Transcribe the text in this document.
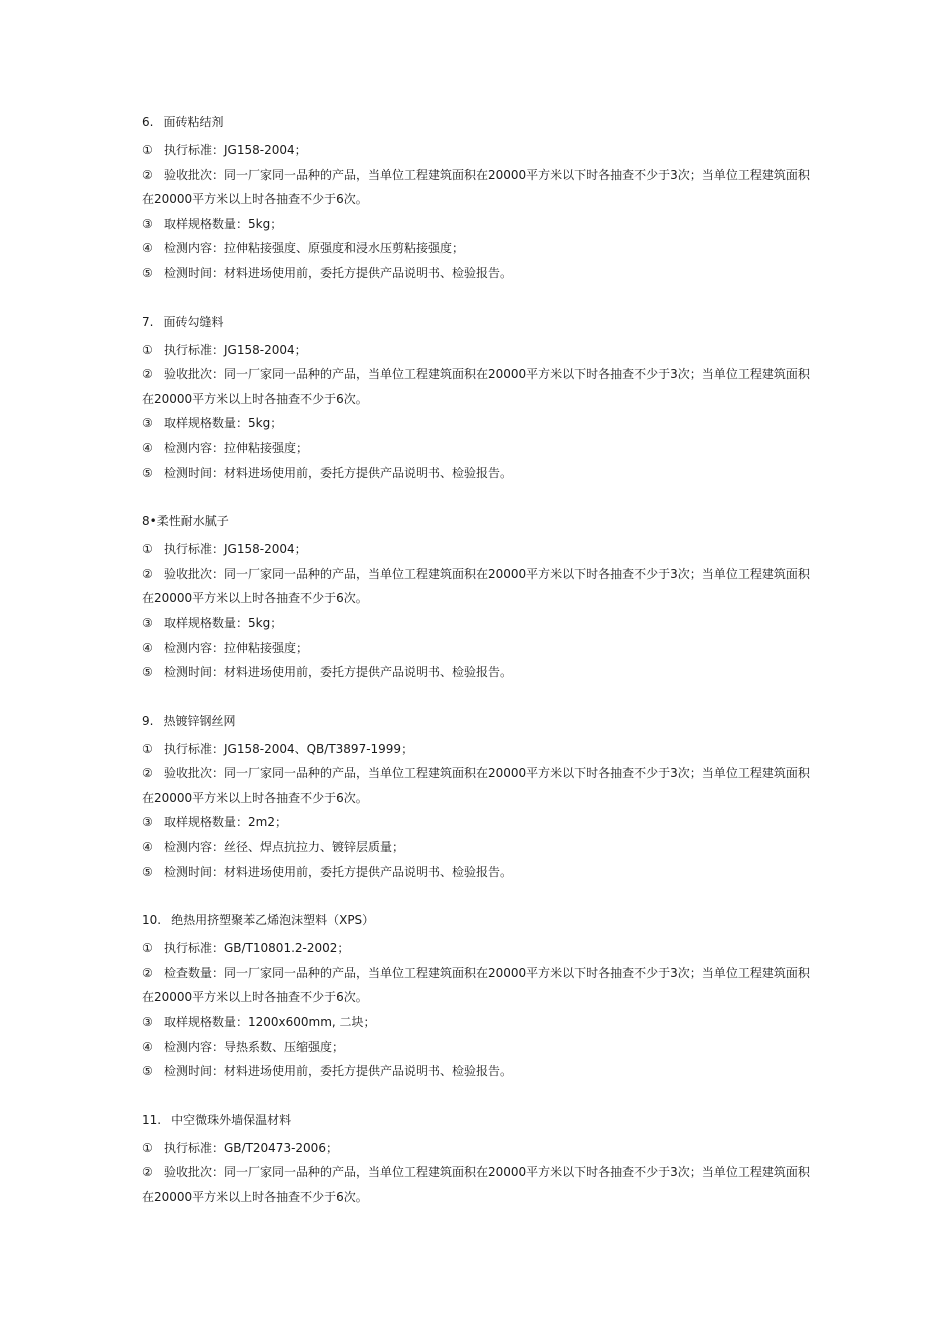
6. 面砖粘结剂
① 执行标准：JG158-2004；
② 验收批次：同一厂家同一品种的产品，当单位工程建筑面积在20000平方米以下时各抽查不少于3次；当单位工程建筑面积在20000平方米以上时各抽查不少于6次。
③ 取样规格数量：5kg；
④ 检测内容：拉伸粘接强度、原强度和浸水压剪粘接强度；
⑤ 检测时间：材料进场使用前，委托方提供产品说明书、检验报告。
7. 面砖勾缝料
① 执行标准：JG158-2004；
② 验收批次：同一厂家同一品种的产品，当单位工程建筑面积在20000平方米以下时各抽查不少于3次；当单位工程建筑面积在20000平方米以上时各抽查不少于6次。
③ 取样规格数量：5kg；
④ 检测内容：拉伸粘接强度；
⑤ 检测时间：材料进场使用前，委托方提供产品说明书、检验报告。
8•柔性耐水腻子
① 执行标准：JG158-2004；
② 验收批次：同一厂家同一品种的产品，当单位工程建筑面积在20000平方米以下时各抽查不少于3次；当单位工程建筑面积在20000平方米以上时各抽查不少于6次。
③ 取样规格数量：5kg；
④ 检测内容：拉伸粘接强度；
⑤ 检测时间：材料进场使用前，委托方提供产品说明书、检验报告。
9. 热镀锌钢丝网
① 执行标准：JG158-2004、QB/T3897-1999；
② 验收批次：同一厂家同一品种的产品，当单位工程建筑面积在20000平方米以下时各抽查不少于3次；当单位工程建筑面积在20000平方米以上时各抽查不少于6次。
③ 取样规格数量：2m2；
④ 检测内容：丝径、焊点抗拉力、镀锌层质量；
⑤ 检测时间：材料进场使用前，委托方提供产品说明书、检验报告。
10. 绝热用挤塑聚苯乙烯泡沫塑料（XPS）
① 执行标准：GB/T10801.2-2002；
② 检查数量：同一厂家同一品种的产品，当单位工程建筑面积在20000平方米以下时各抽查不少于3次；当单位工程建筑面积在20000平方米以上时各抽查不少于6次。
③ 取样规格数量：1200x600mm, 二块；
④ 检测内容：导热系数、压缩强度；
⑤ 检测时间：材料进场使用前，委托方提供产品说明书、检验报告。
11. 中空微珠外墙保温材料
① 执行标准：GB/T20473-2006；
② 验收批次：同一厂家同一品种的产品，当单位工程建筑面积在20000平方米以下时各抽查不少于3次；当单位工程建筑面积在20000平方米以上时各抽查不少于6次。
